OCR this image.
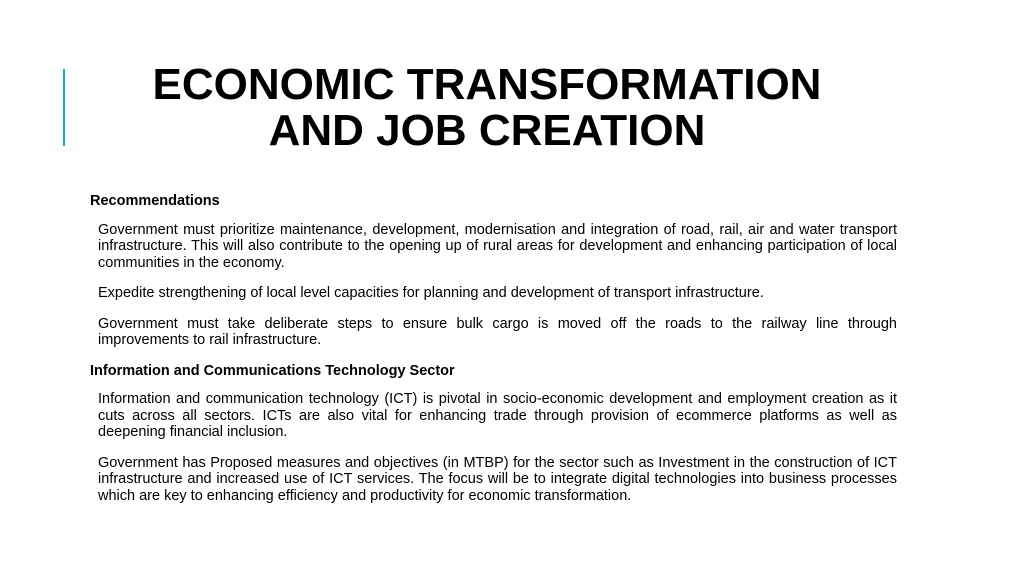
ECONOMIC TRANSFORMATION
AND JOB CREATION

Recommendations

Government must prioritize maintenance, development, modernisation and integration of road, rail, air and water transport infrastructure. This will also contribute to the opening up of rural areas for development and enhancing participation of local communities in the economy.

Expedite strengthening of local level capacities for planning and development of transport infrastructure.

Government must take deliberate steps to ensure bulk cargo is moved off the roads to the railway line through improvements to rail infrastructure.

Information and Communications Technology Sector

Information and communication technology (ICT) is pivotal in socio-economic development and employment creation as it cuts across all sectors. ICTs are also vital for enhancing trade through provision of ecommerce platforms as well as deepening financial inclusion.

Government has Proposed measures and objectives (in MTBP) for the sector such as Investment in the construction of ICT infrastructure and increased use of ICT services. The focus will be to integrate digital technologies into business processes which are key to enhancing efficiency and productivity for economic transformation.
